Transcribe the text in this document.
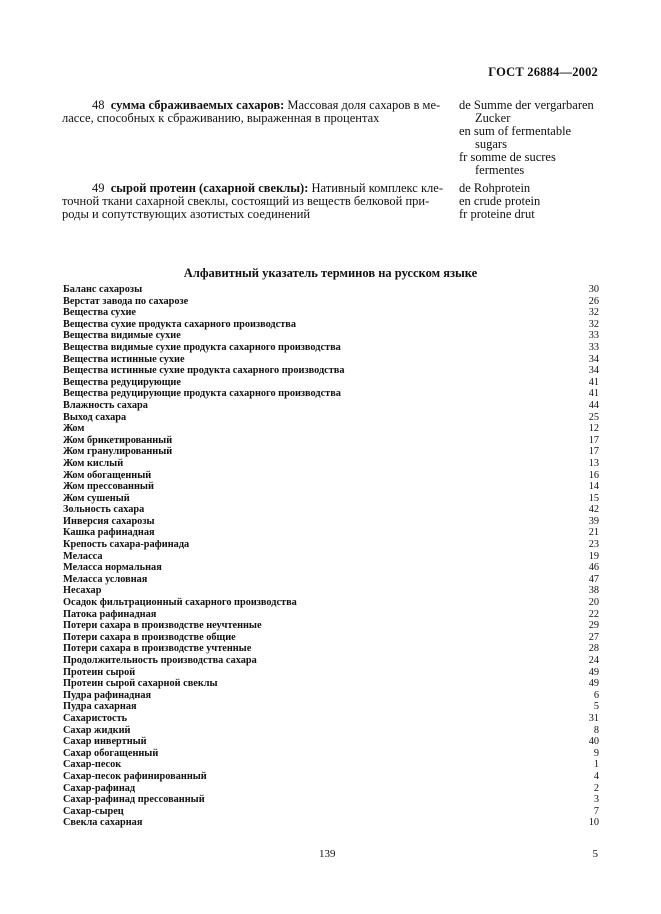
ГОСТ 26884—2002
48 сумма сбраживаемых сахаров: Массовая доля сахаров в ме-
лассе, способных к сбраживанию, выраженная в процентах
de Summe der vergarbaren
Zucker
en sum of fermentable
sugars
fr somme de sucres
fermentes
49 сырой протеин (сахарной свеклы): Нативный комплекс кле-
точной ткани сахарной свеклы, состоящий из веществ белковой при-
роды и сопутствующих азотистых соединений
de Rohprotein
en crude protein
fr proteine drut
Алфавитный указатель терминов на русском языке
Баланс сахарозы	30
Верстат завода по сахарозе	26
Вещества сухие	32
Вещества сухие продукта сахарного производства	32
Вещества видимые сухие	33
Вещества видимые сухие продукта сахарного производства	33
Вещества истинные сухие	34
Вещества истинные сухие продукта сахарного производства	34
Вещества редуцирующие	41
Вещества редуцирующие продукта сахарного производства	41
Влажность сахара	44
Выход сахара	25
Жом	12
Жом брикетированный	17
Жом гранулированный	17
Жом кислый	13
Жом обогащенный	16
Жом прессованный	14
Жом сушеный	15
Зольность сахара	42
Инверсия сахарозы	39
Кашка рафинадная	21
Крепость сахара-рафинада	23
Меласса	19
Меласса нормальная	46
Меласса условная	47
Несахар	38
Осадок фильтрационный сахарного производства	20
Патока рафинадная	22
Потери сахара в производстве неучтенные	29
Потери сахара в производстве общие	27
Потери сахара в производстве учтенные	28
Продолжительность производства сахара	24
Протеин сырой	49
Протеин сырой сахарной свеклы	49
Пудра рафинадная	6
Пудра сахарная	5
Сахаристость	31
Сахар жидкий	8
Сахар инвертный	40
Сахар обогащенный	9
Сахар-песок	1
Сахар-песок рафинированный	4
Сахар-рафинад	2
Сахар-рафинад прессованный	3
Сахар-сырец	7
Свекла сахарная	10
139	5
